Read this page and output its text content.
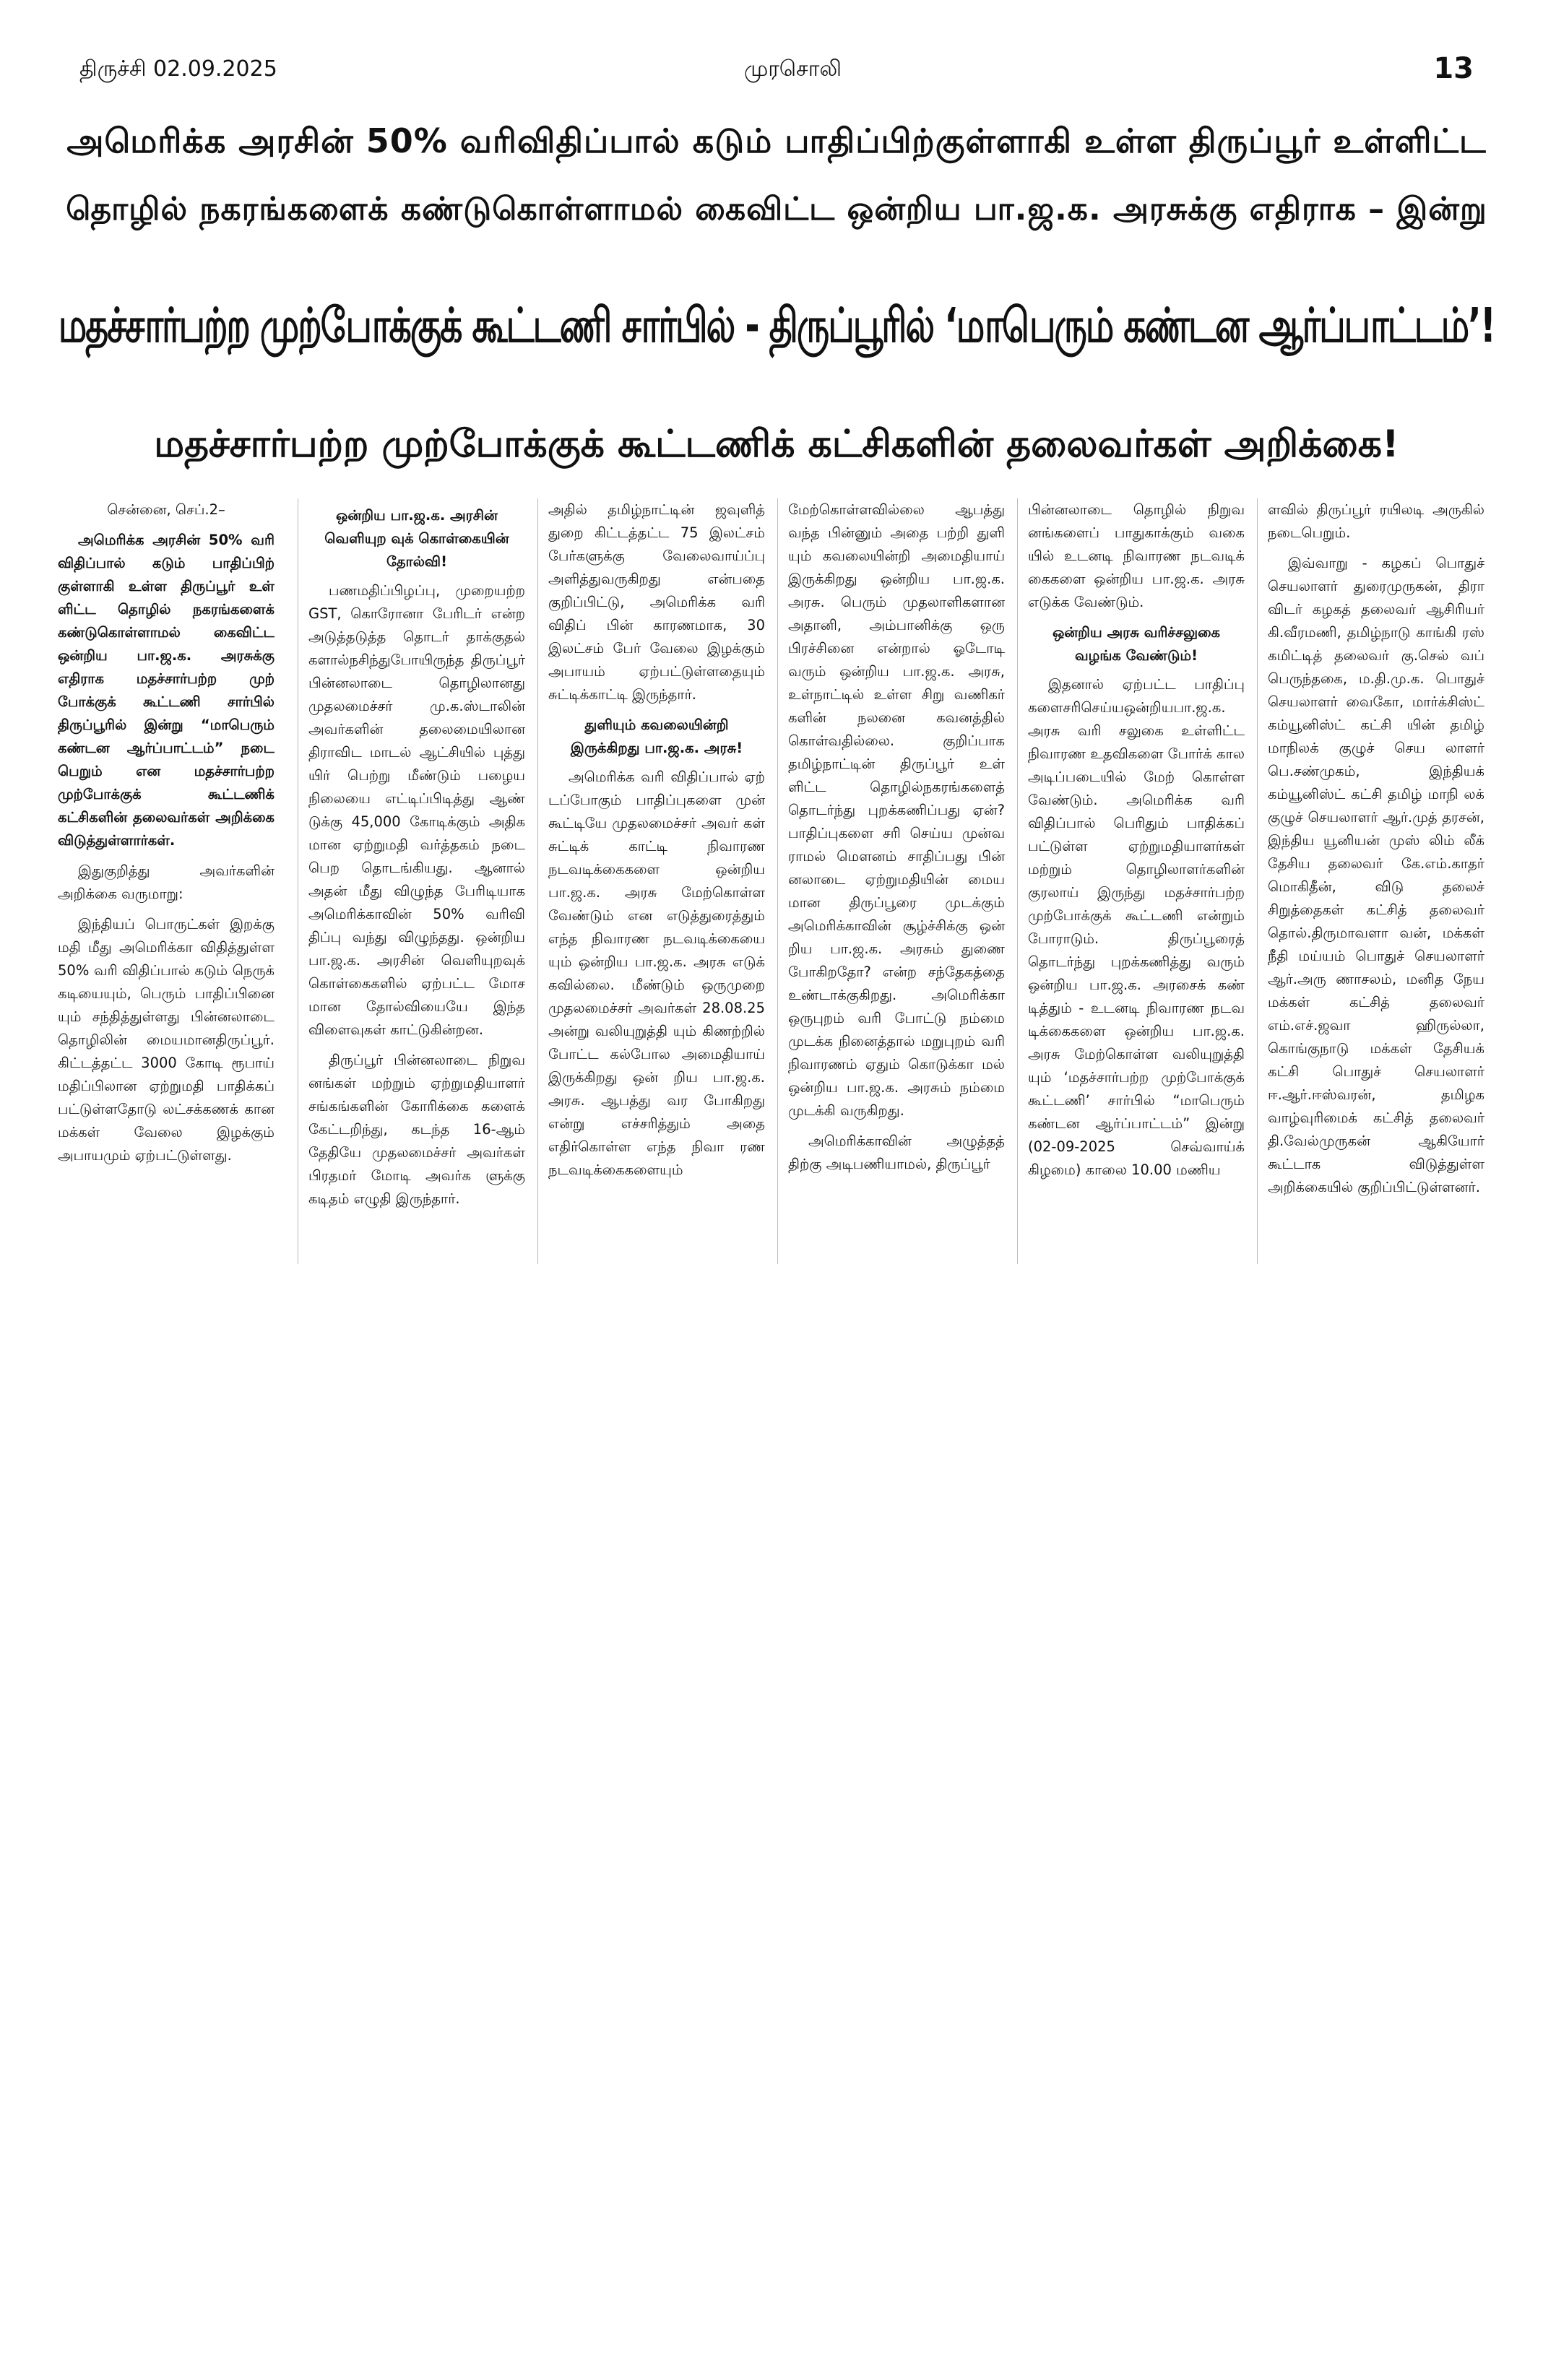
திருச்சி 02.09.2025	முரசொலி	13
அமெரிக்க அரசின் 50% வரிவிதிப்பால் கடும் பாதிப்பிற்குள்ளாகி உள்ள திருப்பூர் உள்ளிட்ட
தொழில் நகரங்களைக் கண்டுகொள்ளாமல் கைவிட்ட ஒன்றிய பா.ஜ.க. அரசுக்கு எதிராக – இன்று
மதச்சார்பற்ற முற்போக்குக் கூட்டணி சார்பில் - திருப்பூரில் ‘மாபெரும் கண்டன ஆர்ப்பாட்டம்’!
மதச்சார்பற்ற முற்போக்குக் கூட்டணிக் கட்சிகளின் தலைவர்கள் அறிக்கை!

சென்னை, செப்.2–

அமெரிக்க அரசின் 50% வரி விதிப்பால் கடும் பாதிப்பிற் குள்ளாகி உள்ள திருப்பூர் உள் ளிட்ட தொழில் நகரங்களைக் கண்டுகொள்ளாமல் கைவிட்ட ஒன்றிய பா.ஜ.க. அரசுக்கு எதிராக மதச்சார்பற்ற முற் போக்குக் கூட்டணி சார்பில் திருப்பூரில் இன்று “மாபெரும் கண்டன ஆர்ப்பாட்டம்” நடை பெறும் என மதச்சார்பற்ற முற்போக்குக் கூட்டணிக் கட்சிகளின் தலைவர்கள் அறிக்கை விடுத்துள்ளார்கள்.

இதுகுறித்து அவர்களின் அறிக்கை வருமாறு:

இந்தியப் பொருட்கள் இறக்கு மதி மீது அமெரிக்கா விதித்துள்ள 50% வரி விதிப்பால் கடும் நெருக் கடியையும், பெரும் பாதிப்பினை யும் சந்தித்துள்ளது பின்னலாடை தொழிலின் மையமானதிருப்பூர். கிட்டத்தட்ட 3000 கோடி ரூபாய் மதிப்பிலான ஏற்றுமதி பாதிக்கப் பட்டுள்ளதோடு லட்சக்கணக் கான மக்கள் வேலை இழக்கும் அபாயமும் ஏற்பட்டுள்ளது.

ஒன்றிய பா.ஜ.க. அரசின் வெளியுற வுக் கொள்கையின் தோல்வி!

பணமதிப்பிழப்பு, முறையற்ற GST, கொரோனா பேரிடர் என்ற அடுத்தடுத்த தொடர் தாக்குதல் களால்நசிந்துபோயிருந்த திருப்பூர் பின்னலாடை தொழிலானது முதலமைச்சர் மு.க.ஸ்டாலின் அவர்களின் தலைமையிலான திராவிட மாடல் ஆட்சியில் புத்து யிர் பெற்று மீண்டும் பழைய நிலையை எட்டிப்பிடித்து ஆண் டுக்கு 45,000 கோடிக்கும் அதிக மான ஏற்றுமதி வர்த்தகம் நடை பெற தொடங்கியது. ஆனால் அதன் மீது விழுந்த பேரிடியாக அமெரிக்காவின் 50% வரிவி திப்பு வந்து விழுந்தது. ஒன்றிய பா.ஜ.க. அரசின் வெளியுறவுக் கொள்கைகளில் ஏற்பட்ட மோச மான தோல்வியையே இந்த விளைவுகள் காட்டுகின்றன.

திருப்பூர் பின்னலாடை நிறுவ னங்கள் மற்றும் ஏற்றுமதியாளர் சங்கங்களின் கோரிக்கை களைக் கேட்டறிந்து, கடந்த 16-ஆம் தேதியே முதலமைச்சர் அவர்கள் பிரதமர் மோடி அவர்க ளுக்கு கடிதம் எழுதி இருந்தார்.

அதில் தமிழ்நாட்டின் ஜவுளித் துறை கிட்டத்தட்ட 75 இலட்சம் பேர்களுக்கு வேலைவாய்ப்பு அளித்துவருகிறது என்பதை குறிப்பிட்டு, அமெரிக்க வரி விதிப் பின் காரணமாக, 30 இலட்சம் பேர் வேலை இழக்கும் அபாயம் ஏற்பட்டுள்ளதையும் சுட்டிக்காட்டி இருந்தார்.

துளியும் கவலையின்றி இருக்கிறது பா.ஜ.க. அரசு!

அமெரிக்க வரி விதிப்பால் ஏற் டப்போகும் பாதிப்புகளை முன் கூட்டியே முதலமைச்சர் அவர் கள் சுட்டிக் காட்டி நிவாரண நடவடிக்கைகளை ஒன்றிய பா.ஜ.க. அரசு மேற்கொள்ள வேண்டும் என எடுத்துரைத்தும் எந்த நிவாரண நடவடிக்கையை யும் ஒன்றிய பா.ஜ.க. அரசு எடுக் கவில்லை. மீண்டும் ஒருமுறை முதலமைச்சர் அவர்கள் 28.08.25 அன்று வலியுறுத்தி யும் கிணற்றில் போட்ட கல்போல அமைதியாய் இருக்கிறது ஒன் றிய பா.ஜ.க. அரசு. ஆபத்து வர போகிறது என்று எச்சரித்தும் அதை எதிர்கொள்ள எந்த நிவா ரண நடவடிக்கைகளையும்

மேற்கொள்ளவில்லை ஆபத்து வந்த பின்னும் அதை பற்றி துளி யும் கவலையின்றி அமைதியாய் இருக்கிறது ஒன்றிய பா.ஜ.க. அரசு. பெரும் முதலாளிகளான அதானி, அம்பானிக்கு ஒரு பிரச்சினை என்றால் ஓடோடி வரும் ஒன்றிய பா.ஜ.க. அரசு, உள்நாட்டில் உள்ள சிறு வணிகர் களின் நலனை கவனத்தில் கொள்வதில்லை. குறிப்பாக தமிழ்நாட்டின் திருப்பூர் உள் ளிட்ட தொழில்நகரங்களைத் தொடர்ந்து புறக்கணிப்பது ஏன்? பாதிப்புகளை சரி செய்ய முன்வ ராமல் மௌனம் சாதிப்பது பின் னலாடை ஏற்றுமதியின் மைய மான திருப்பூரை முடக்கும் அமெரிக்காவின் சூழ்ச்சிக்கு ஒன் றிய பா.ஜ.க. அரசும் துணை போகிறதோ? என்ற சந்தேகத்தை உண்டாக்குகிறது. அமெரிக்கா ஒருபுறம் வரி போட்டு நம்மை முடக்க நினைத்தால் மறுபுறம் வரி நிவாரணம் ஏதும் கொடுக்கா மல் ஒன்றிய பா.ஜ.க. அரசும் நம்மை முடக்கி வருகிறது.

அமெரிக்காவின் அழுத்தத் திற்கு அடிபணியாமல், திருப்பூர்

பின்னலாடை தொழில் நிறுவ னங்களைப் பாதுகாக்கும் வகை யில் உடனடி நிவாரண நடவடிக் கைகளை ஒன்றிய பா.ஜ.க. அரசு எடுக்க வேண்டும்.

ஒன்றிய அரசு வரிச்சலுகை வழங்க வேண்டும்!

இதனால் ஏற்பட்ட பாதிப்பு களைசரிசெய்யஒன்றியபா.ஜ.க. அரசு வரி சலுகை உள்ளிட்ட நிவாரண உதவிகளை போர்க் கால அடிப்படையில் மேற் கொள்ள வேண்டும். அமெரிக்க வரி விதிப்பால் பெரிதும் பாதிக்கப் பட்டுள்ள ஏற்றுமதியாளர்கள் மற்றும் தொழிலாளர்களின் குரலாய் இருந்து மதச்சார்பற்ற முற்போக்குக் கூட்டணி என்றும் போராடும். திருப்பூரைத் தொடர்ந்து புறக்கணித்து வரும் ஒன்றிய பா.ஜ.க. அரசைக் கண் டித்தும் - உடனடி நிவாரண நடவ டிக்கைகளை ஒன்றிய பா.ஜ.க. அரசு மேற்கொள்ள வலியுறுத்தி யும் ‘மதச்சார்பற்ற முற்போக்குக் கூட்டணி’ சார்பில் “மாபெரும் கண்டன ஆர்ப்பாட்டம்” இன்று (02-09-2025 செவ்வாய்க் கிழமை) காலை 10.00 மணிய

ளவில் திருப்பூர் ரயிலடி அருகில் நடைபெறும்.

இவ்வாறு - கழகப் பொதுச் செயலாளர் துரைமுருகன், திரா விடர் கழகத் தலைவர் ஆசிரியர் கி.வீரமணி, தமிழ்நாடு காங்கி ரஸ் கமிட்டித் தலைவர் கு.செல் வப் பெருந்தகை, ம.தி.மு.க. பொதுச் செயலாளர் வைகோ, மார்க்சிஸ்ட் கம்யூனிஸ்ட் கட்சி யின் தமிழ் மாநிலக் குழுச் செய லாளர் பெ.சண்முகம், இந்தியக் கம்யூனிஸ்ட் கட்சி தமிழ் மாநி லக் குழுச் செயலாளர் ஆர்.முத் தரசன், இந்திய யூனியன் முஸ் லிம் லீக் தேசிய தலைவர் கே.எம்.காதர் மொகிதீன், விடு தலைச் சிறுத்தைகள் கட்சித் தலைவர் தொல்.திருமாவளா வன், மக்கள் நீதி மய்யம் பொதுச் செயலாளர் ஆர்.அரு ணாசலம், மனித நேய மக்கள் கட்சித் தலைவர் எம்.எச்.ஜவா ஹிருல்லா, கொங்குநாடு மக்கள் தேசியக் கட்சி பொதுச் செயலாளர் ஈ.ஆர்.ஈஸ்வரன், தமிழக வாழ்வுரிமைக் கட்சித் தலைவர் தி.வேல்முருகன் ஆகியோர் கூட்டாக விடுத்துள்ள அறிக்கையில் குறிப்பிட்டுள்ளனர்.
